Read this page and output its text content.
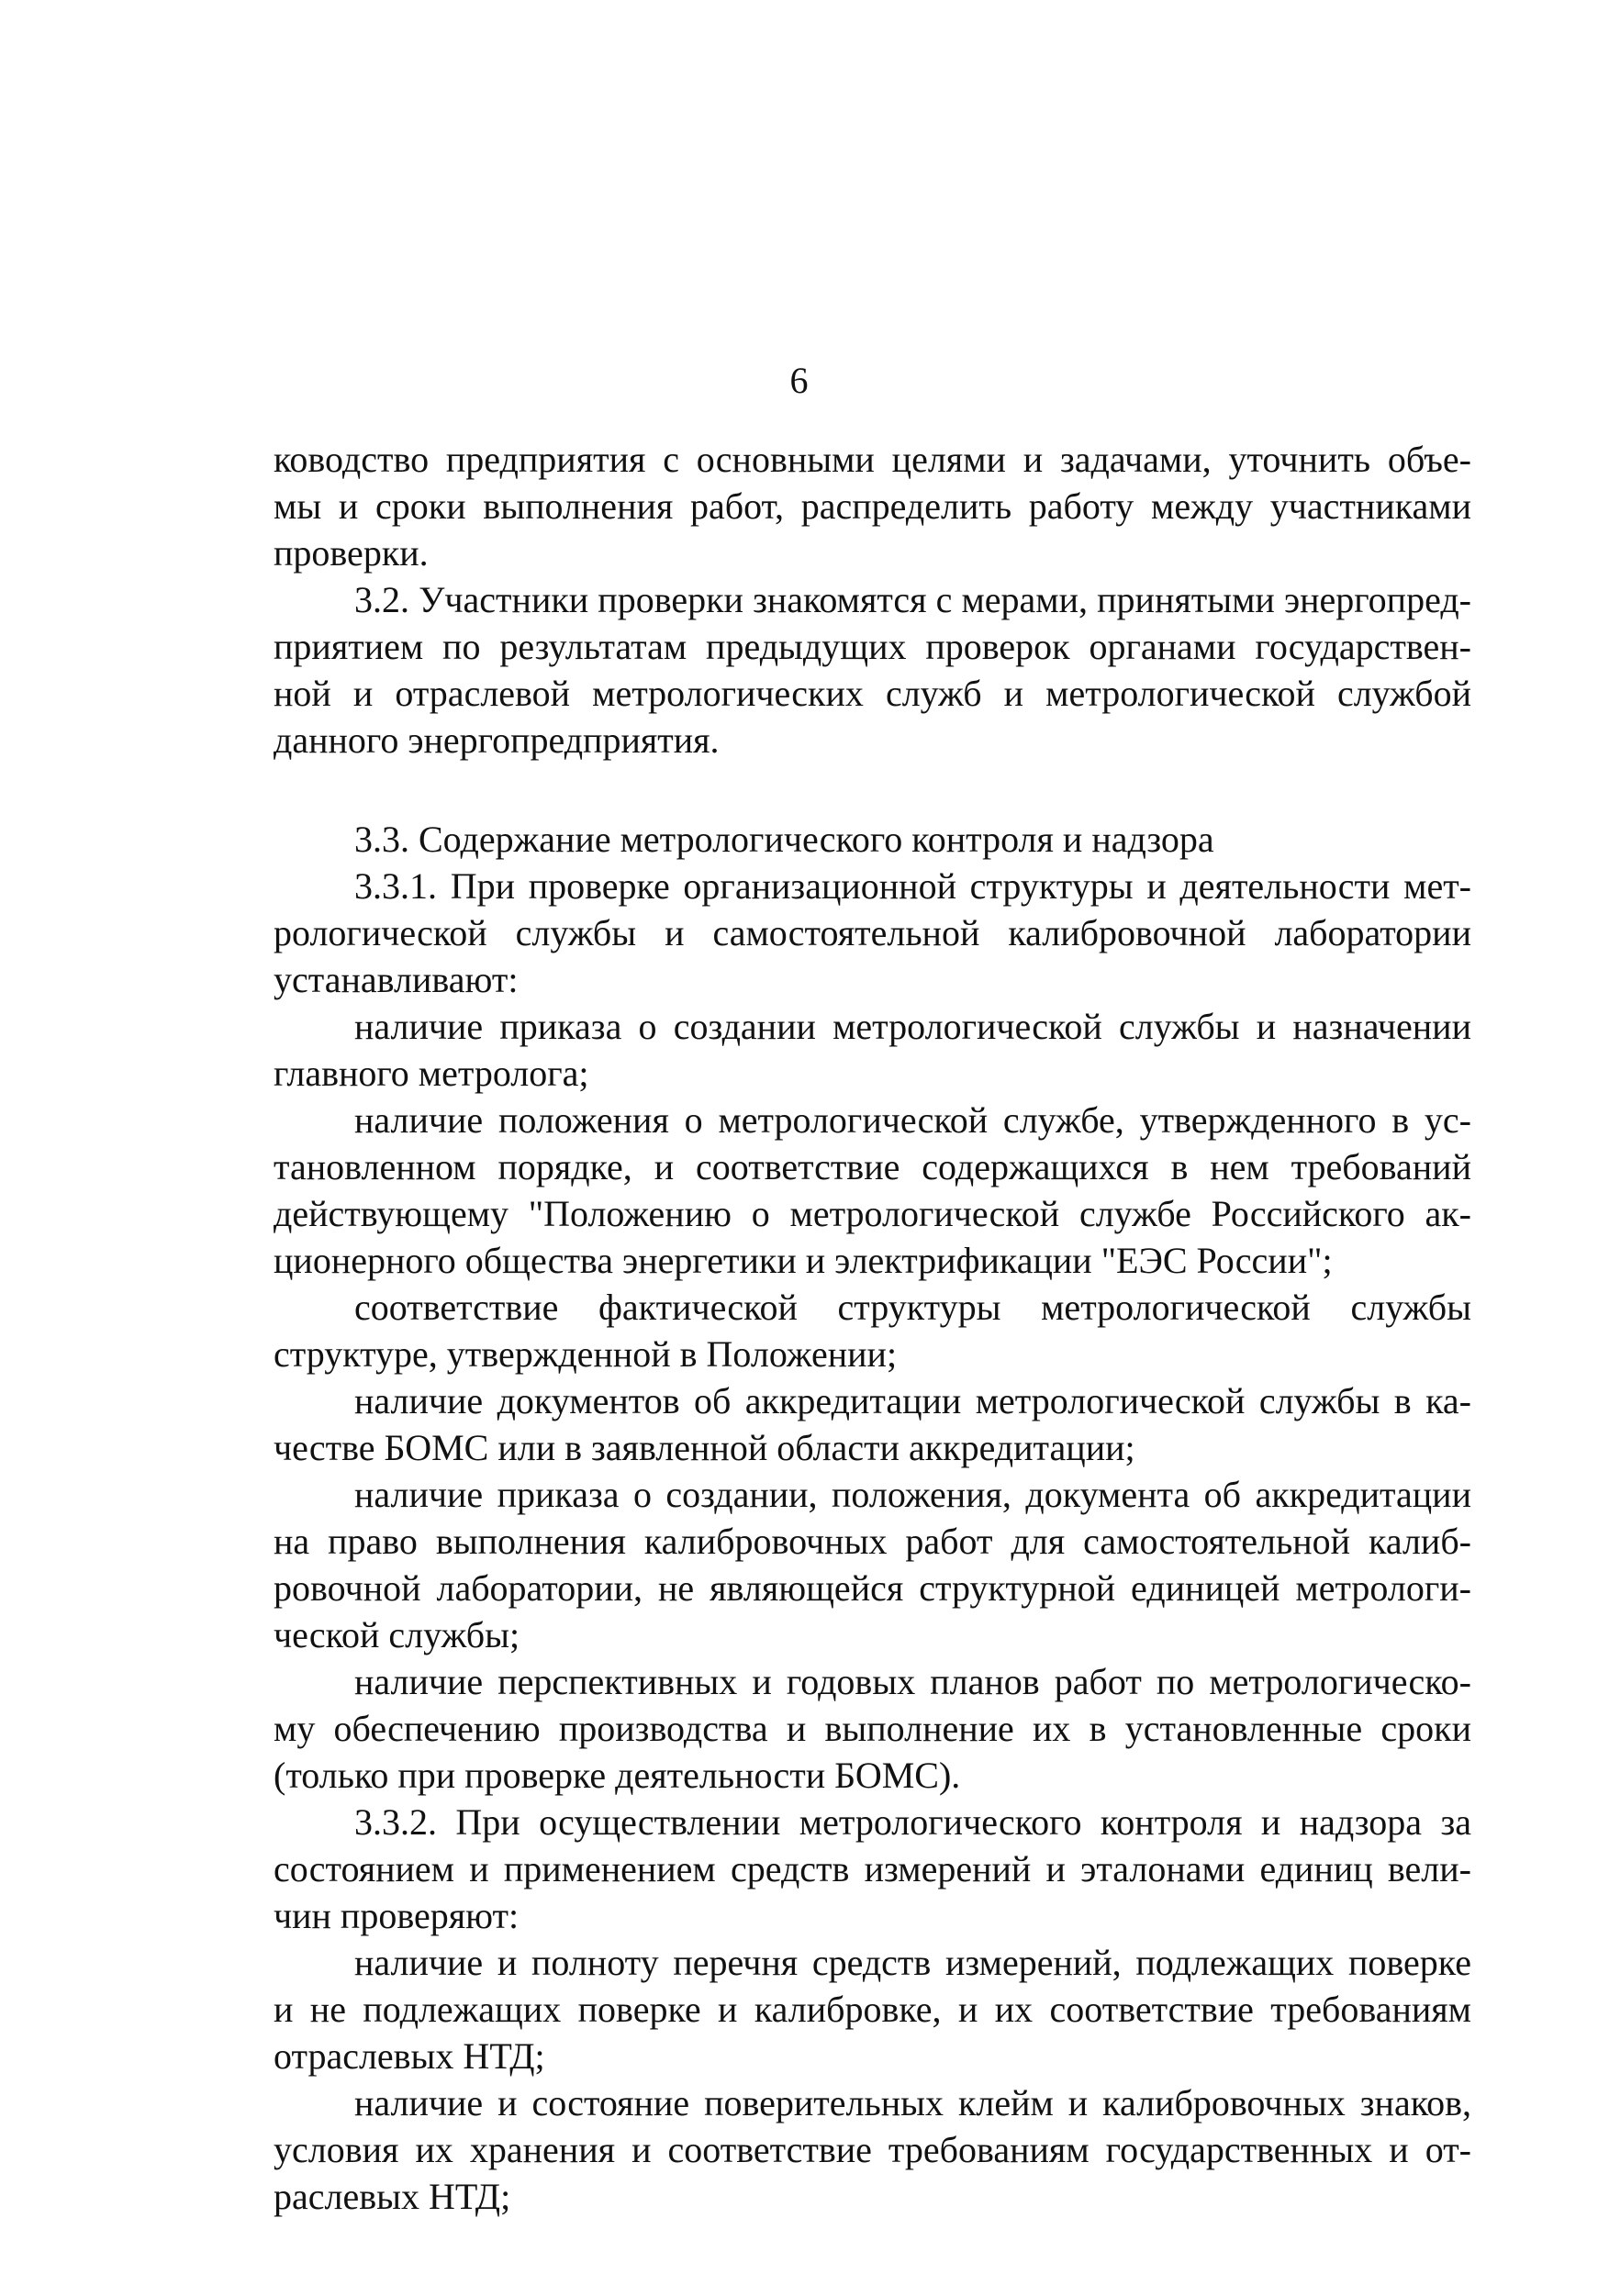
6
ководство предприятия с основными целями и задачами, уточнить объе-
мы и сроки выполнения работ, распределить работу между участниками
проверки.
3.2. Участники проверки знакомятся с мерами, принятыми энергопред-
приятием по результатам предыдущих проверок органами государствен-
ной и отраслевой метрологических служб и метрологической службой
данного энергопредприятия.
3.3. Содержание метрологического контроля и надзора
3.3.1. При проверке организационной структуры и деятельности мет-
рологической службы и самостоятельной калибровочной лаборатории
устанавливают:
наличие приказа о создании метрологической службы и назначении
главного метролога;
наличие положения о метрологической службе, утвержденного в ус-
тановленном порядке, и соответствие содержащихся в нем требований
действующему "Положению о метрологической службе Российского ак-
ционерного общества энергетики и электрификации "ЕЭС России";
соответствие фактической структуры метрологической службы
структуре, утвержденной в Положении;
наличие документов об аккредитации метрологической службы в ка-
честве БОМС или в заявленной области аккредитации;
наличие приказа о создании, положения, документа об аккредитации
на право выполнения калибровочных работ для самостоятельной калиб-
ровочной лаборатории, не являющейся структурной единицей метрологи-
ческой службы;
наличие перспективных и годовых планов работ по метрологическо-
му обеспечению производства и выполнение их в установленные сроки
(только при проверке деятельности БОМС).
3.3.2. При осуществлении метрологического контроля и надзора за
состоянием и применением средств измерений и эталонами единиц вели-
чин проверяют:
наличие и полноту перечня средств измерений, подлежащих поверке
и не подлежащих поверке и калибровке, и их соответствие требованиям
отраслевых НТД;
наличие и состояние поверительных клейм и калибровочных знаков,
условия их хранения и соответствие требованиям государственных и от-
раслевых НТД;
